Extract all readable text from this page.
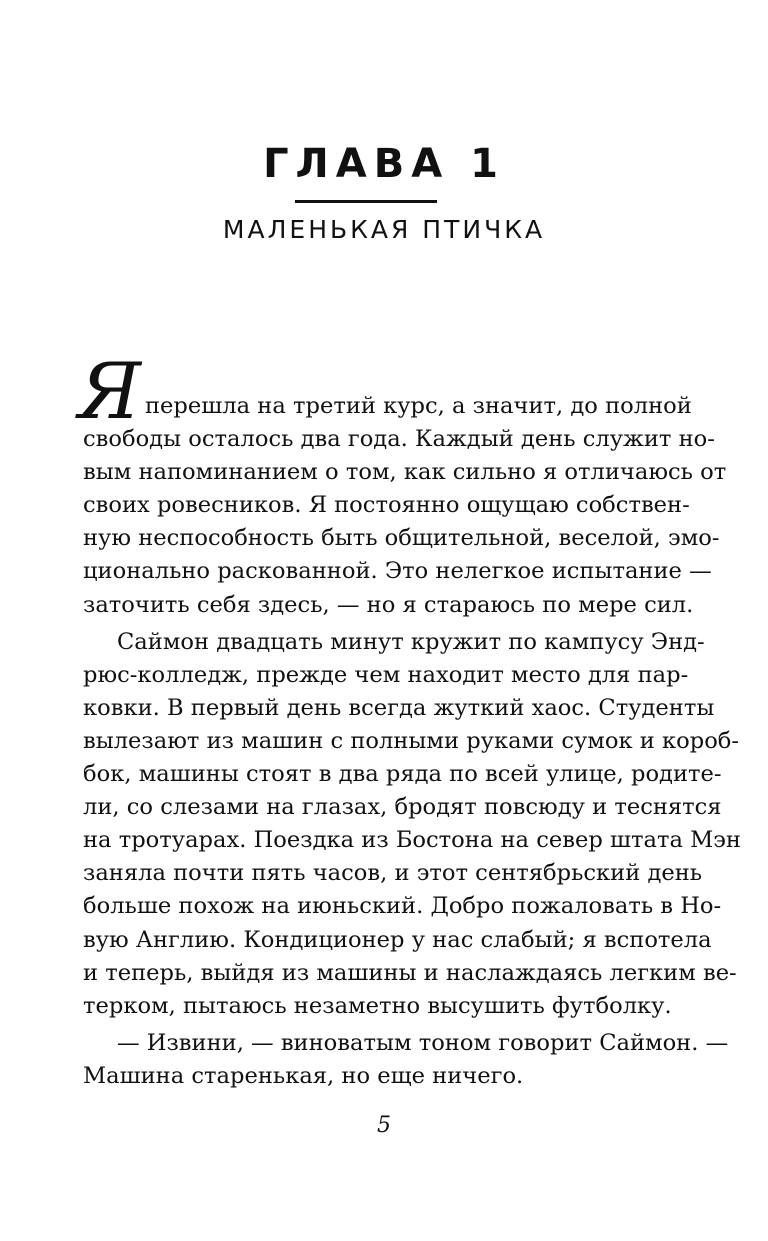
ГЛАВА 1
МАЛЕНЬКАЯ ПТИЧКА
Я перешла на третий курс, а значит, до полной
свободы осталось два года. Каждый день служит но-
вым напоминанием о том, как сильно я отличаюсь от
своих ровесников. Я постоянно ощущаю собствен-
ную неспособность быть общительной, веселой, эмо-
ционально раскованной. Это нелегкое испытание —
заточить себя здесь, — но я стараюсь по мере сил.
Саймон двадцать минут кружит по кампусу Энд-
рюс-колледж, прежде чем находит место для пар-
ковки. В первый день всегда жуткий хаос. Студенты
вылезают из машин с полными руками сумок и короб-
бок, машины стоят в два ряда по всей улице, родите-
ли, со слезами на глазах, бродят повсюду и теснятся
на тротуарах. Поездка из Бостона на север штата Мэн
заняла почти пять часов, и этот сентябрьский день
больше похож на июньский. Добро пожаловать в Но-
вую Англию. Кондиционер у нас слабый; я вспотела
и теперь, выйдя из машины и наслаждаясь легким ве-
терком, пытаюсь незаметно высушить футболку.
— Извини, — виноватым тоном говорит Саймон. —
Машина старенькая, но еще ничего.
5
